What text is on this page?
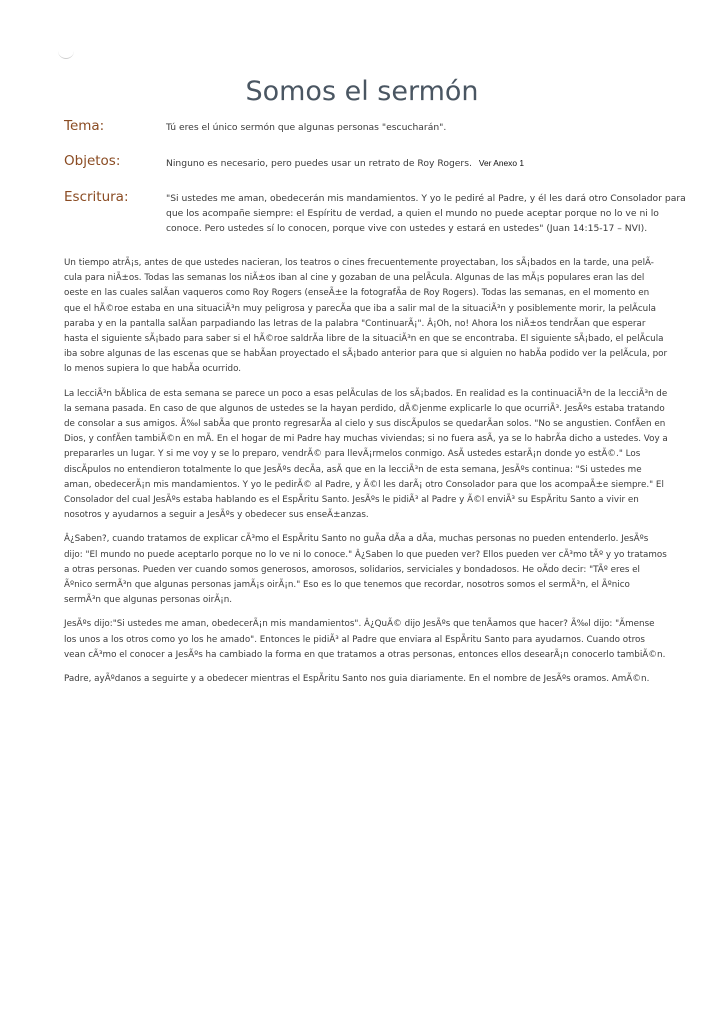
Somos el sermón
Tema:	Tú eres el único sermón que algunas personas "escucharán".
Objetos:	Ninguno es necesario, pero puedes usar un retrato de Roy Rogers. Ver Anexo 1
Escritura:	"Si ustedes me aman, obedecerán mis mandamientos. Y yo le pediré al Padre, y él les dará otro Consolador para que los acompañe siempre: el Espíritu de verdad, a quien el mundo no puede aceptar porque no lo ve ni lo conoce. Pero ustedes sí lo conocen, porque vive con ustedes y estará en ustedes" (Juan 14:15-17 – NVI).

Un tiempo atrÃ¡s, antes de que ustedes nacieran, los teatros o cines frecuentemente proyectaban, los sÃ¡bados en la tarde, una pelÃ-cula para niÃ±os. Todas las semanas los niÃ±os iban al cine y gozaban de una pelÃcula. Algunas de las mÃ¡s populares eran las del oeste en las cuales salÃan vaqueros como Roy Rogers (enseÃ±e la fotografÃa de Roy Rogers). Todas las semanas, en el momento en que el hÃ©roe estaba en una situaciÃ³n muy peligrosa y parecÃa que iba a salir mal de la situaciÃ³n y posiblemente morir, la pelÃcula paraba y en la pantalla salÃan parpadiando las letras de la palabra "ContinuarÃ¡". Â¡Oh, no! Ahora los niÃ±os tendrÃan que esperar hasta el siguiente sÃ¡bado para saber si el hÃ©roe saldrÃa libre de la situaciÃ³n en que se encontraba. El siguiente sÃ¡bado, el pelÃcula iba sobre algunas de las escenas que se habÃan proyectado el sÃ¡bado anterior para que si alguien no habÃa podido ver la pelÃcula, por lo menos supiera lo que habÃa ocurrido.

La lecciÃ³n bÃblica de esta semana se parece un poco a esas pelÃculas de los sÃ¡bados. En realidad es la continuaciÃ³n de la lecciÃ³n de la semana pasada. En caso de que algunos de ustedes se la hayan perdido, dÃ©jenme explicarle lo que ocurriÃ³. JesÃºs estaba tratando de consolar a sus amigos. Ã‰l sabÃa que pronto regresarÃa al cielo y sus discÃpulos se quedarÃan solos. "No se angustien. ConfÃen en Dios, y confÃen tambiÃ©n en mÃ. En el hogar de mi Padre hay muchas viviendas; si no fuera asÃ, ya se lo habrÃa dicho a ustedes. Voy a prepararles un lugar. Y si me voy y se lo preparo, vendrÃ© para llevÃ¡rmelos conmigo. AsÃ ustedes estarÃ¡n donde yo estÃ©." Los discÃpulos no entendieron totalmente lo que JesÃºs decÃa, asÃ que en la lecciÃ³n de esta semana, JesÃºs continua: "Si ustedes me aman, obedecerÃ¡n mis mandamientos. Y yo le pedirÃ© al Padre, y Ã©l les darÃ¡ otro Consolador para que los acompaÃ±e siempre." El Consolador del cual JesÃºs estaba hablando es el EspÃritu Santo. JesÃºs le pidiÃ³ al Padre y Ã©l enviÃ³ su EspÃritu Santo a vivir en nosotros y ayudarnos a seguir a JesÃºs y obedecer sus enseÃ±anzas.

Â¿Saben?, cuando tratamos de explicar cÃ³mo el EspÃritu Santo no guÃa dÃa a dÃa, muchas personas no pueden entenderlo. JesÃºs dijo: "El mundo no puede aceptarlo porque no lo ve ni lo conoce." Â¿Saben lo que pueden ver? Ellos pueden ver cÃ³mo tÃº y yo tratamos a otras personas. Pueden ver cuando somos generosos, amorosos, solidarios, serviciales y bondadosos. He oÃdo decir: "TÃº eres el Ãºnico sermÃ³n que algunas personas jamÃ¡s oirÃ¡n." Eso es lo que tenemos que recordar, nosotros somos el sermÃ³n, el Ãºnico sermÃ³n que algunas personas oirÃ¡n.

JesÃºs dijo:"Si ustedes me aman, obedecerÃ¡n mis mandamientos". Â¿QuÃ© dijo JesÃºs que tenÃamos que hacer? Ã‰l dijo: "Ãmense los unos a los otros como yo los he amado". Entonces le pidiÃ³ al Padre que enviara al EspÃritu Santo para ayudarnos. Cuando otros vean cÃ³mo el conocer a JesÃºs ha cambiado la forma en que tratamos a otras personas, entonces ellos desearÃ¡n conocerlo tambiÃ©n.

Padre, ayÃºdanos a seguirte y a obedecer mientras el EspÃritu Santo nos guia diariamente. En el nombre de JesÃºs oramos. AmÃ©n.
